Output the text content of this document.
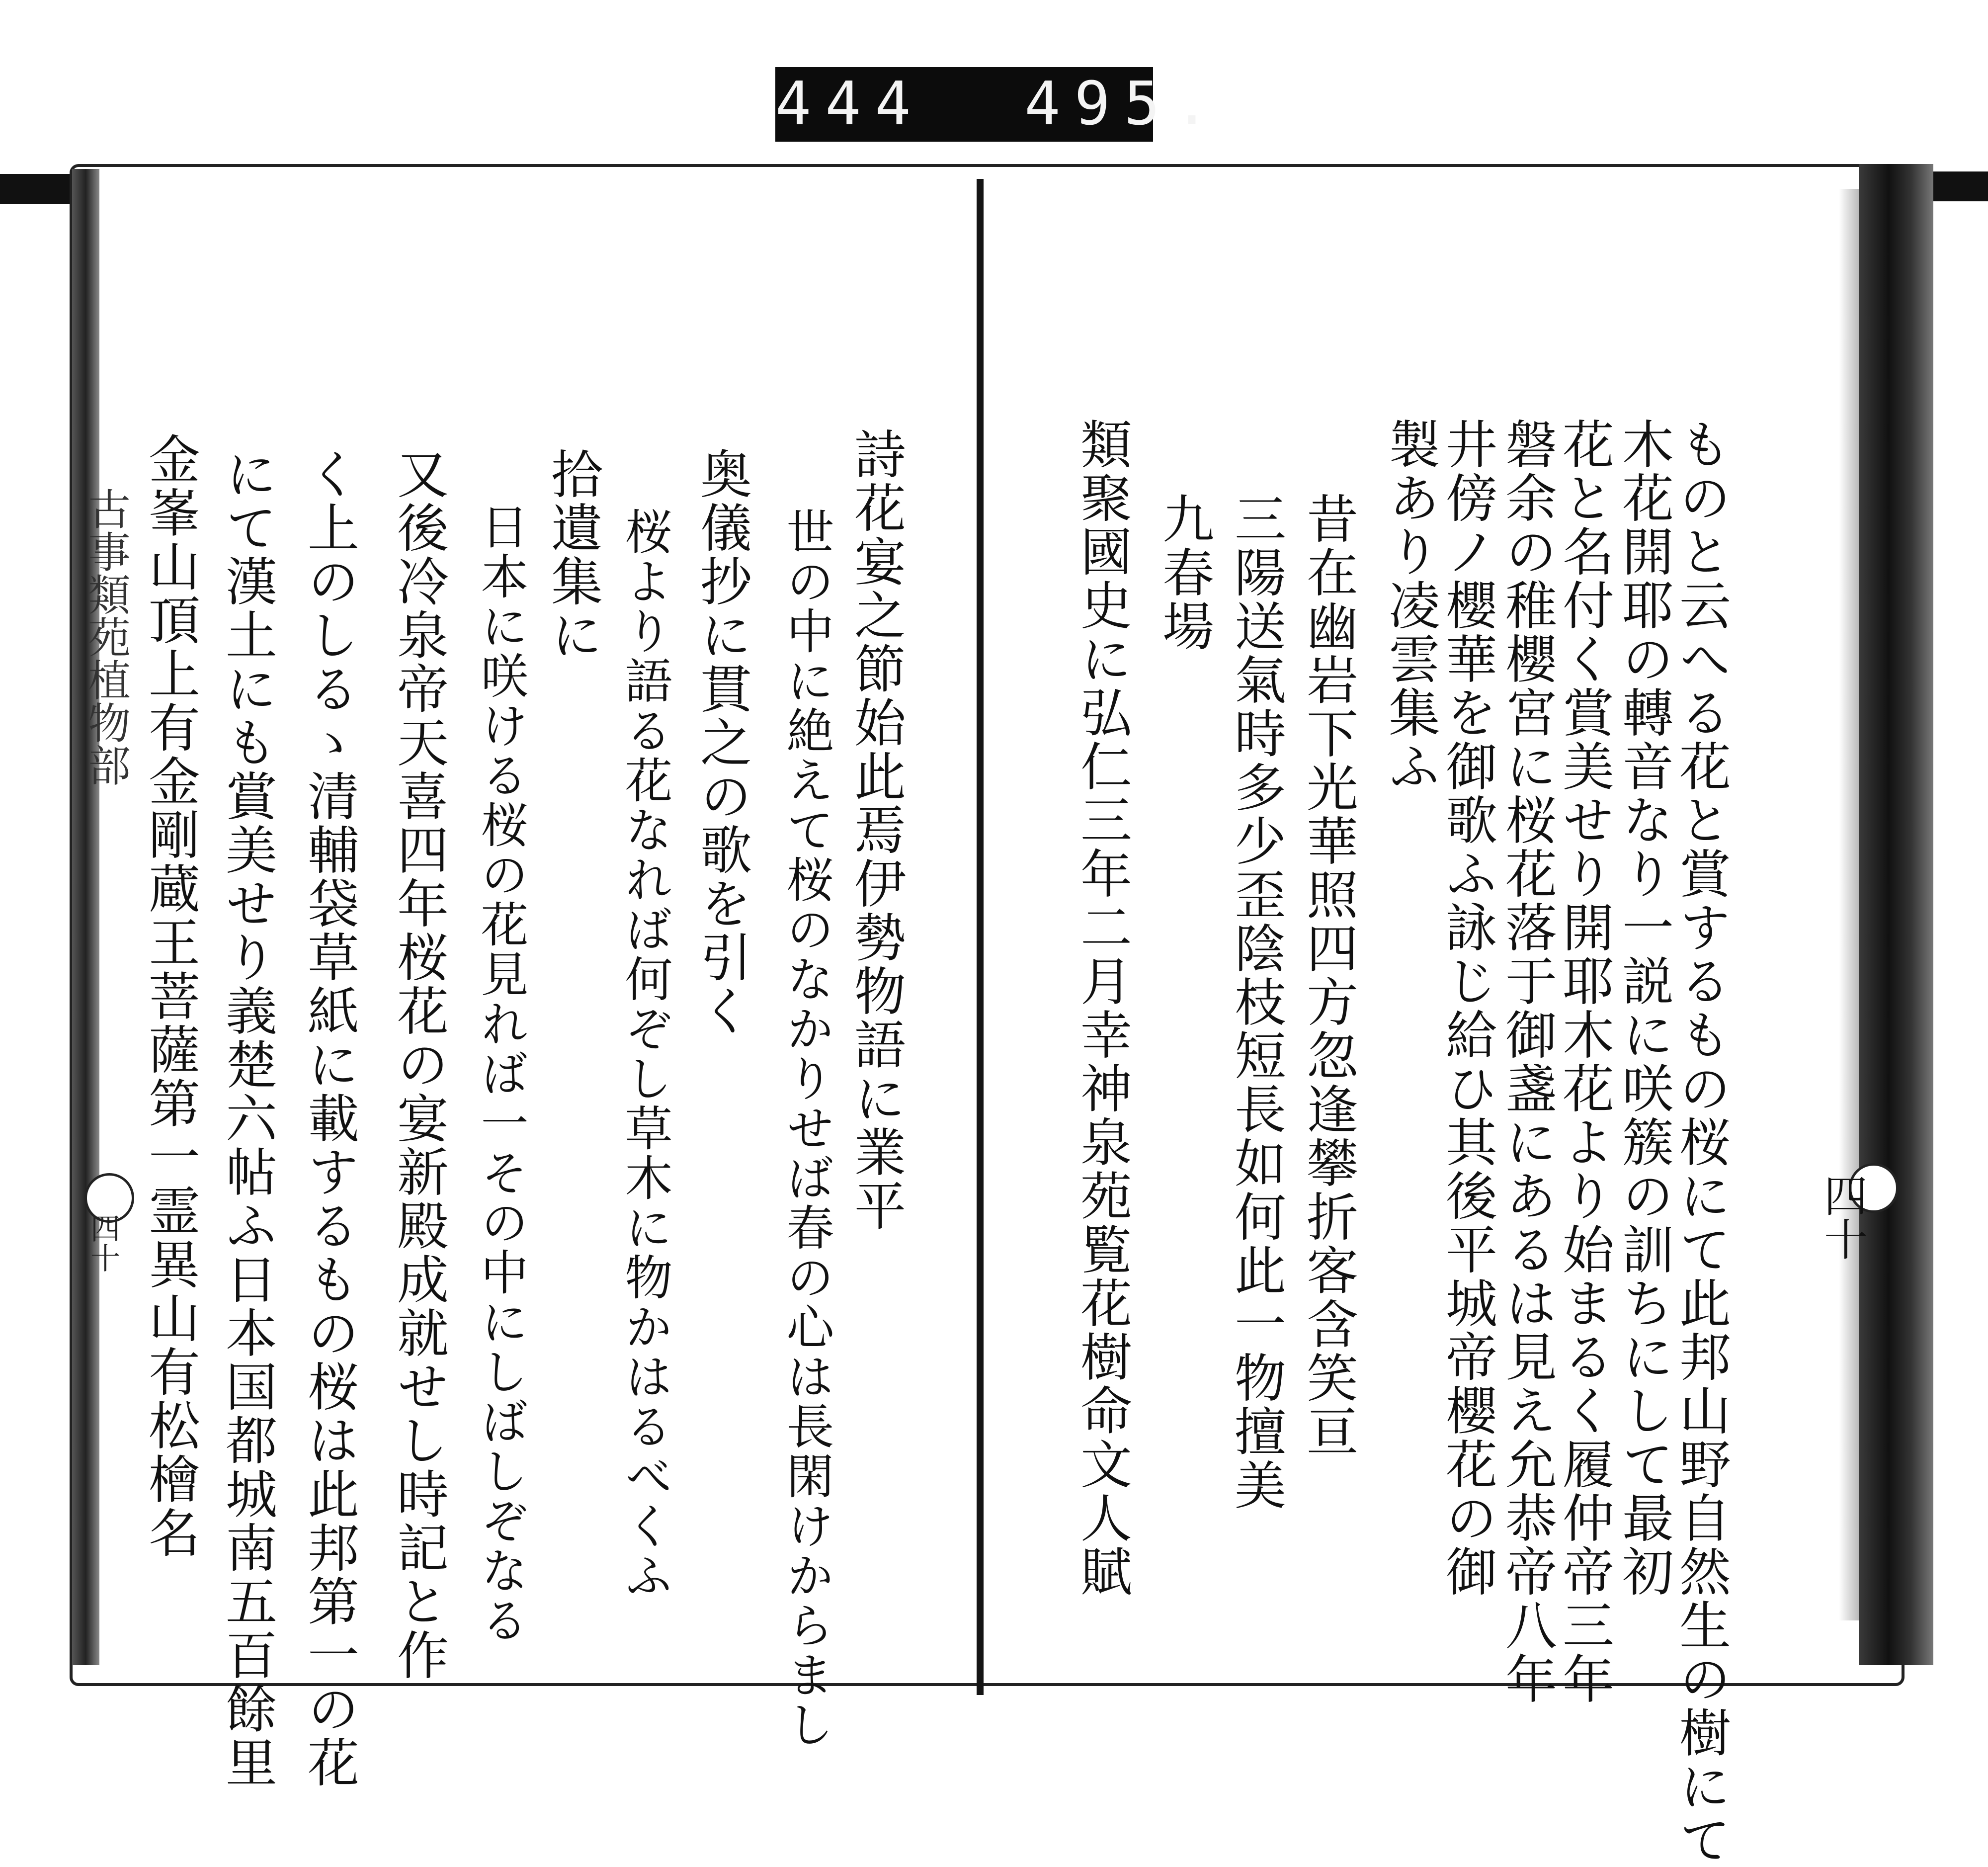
444  495.
古事類苑植物部
四十	四十
ものと云へる花と賞するもの桜にて此邦山野自然生の樹にて
木花開耶の轉音なり一説に咲簇の訓ちにして最初
花と名付く賞美せり開耶木花より始まるく履仲帝三年
磐余の稚櫻宮に桜花落于御盞にあるは見え允恭帝八年
井傍ノ櫻華を御歌ふ詠じ給ひ其後平城帝櫻花の御
製あり凌雲集ふ
昔在幽岩下光華照四方忽逢攀折客含笑亘
三陽送氣時多少歪陰枝短長如何此一物擅美
九春場
類聚國史に弘仁三年二月幸神泉苑覧花樹命文人賦
詩花宴之節始此焉伊勢物語に業平
世の中に絶えて桜のなかりせば春の心は長閑けからまし
奥儀抄に貫之の歌を引く
桜より語る花なれば何ぞし草木に物かはるべくふ
拾遺集に
日本に咲ける桜の花見れば一その中にしばしぞなる
又後冷泉帝天喜四年桜花の宴新殿成就せし時記と作
く上のしるゝ清輔袋草紙に載するもの桜は此邦第一の花
にて漢土にも賞美せり義楚六帖ふ日本国都城南五百餘里
金峯山頂上有金剛蔵王菩薩第一霊異山有松檜名
